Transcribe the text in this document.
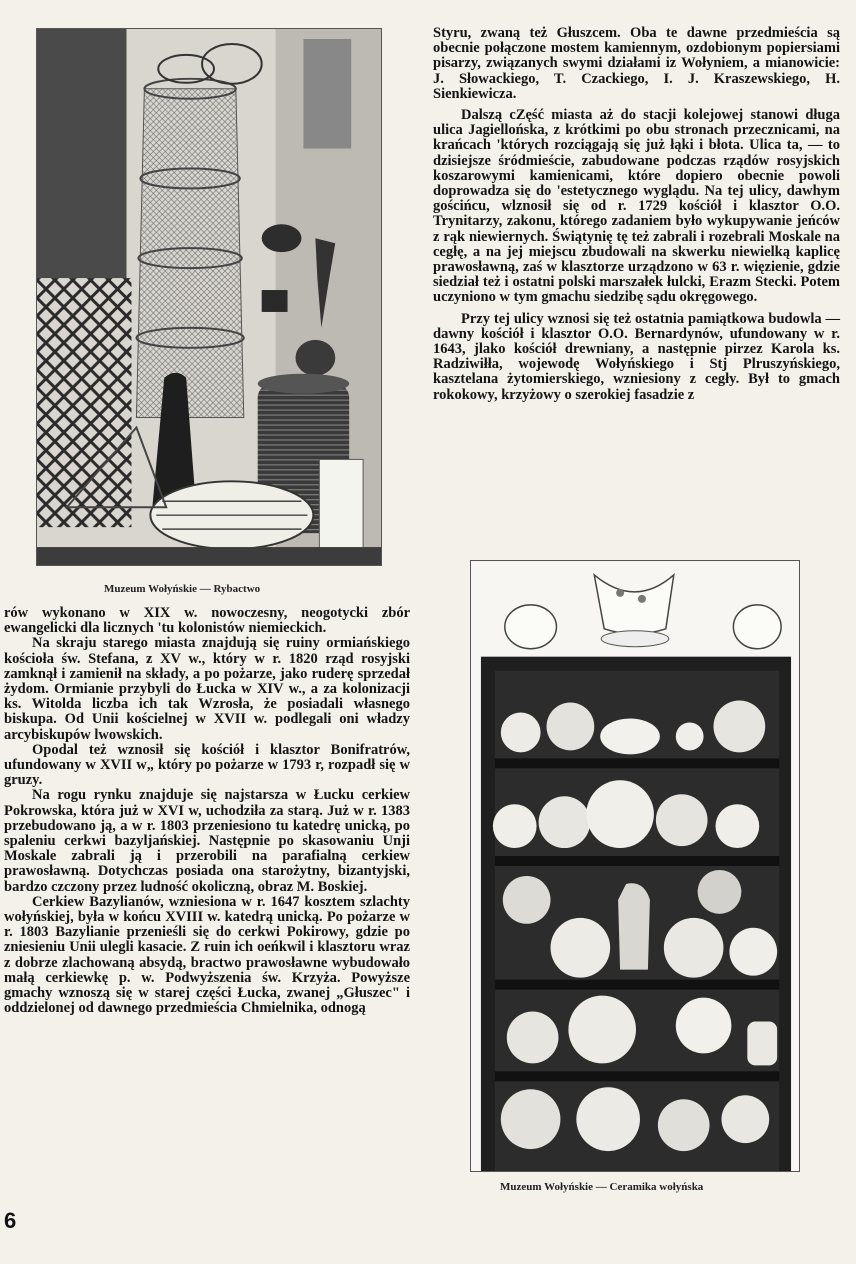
Muzeum Wołyńskie — Rybactwo
Muzeum Wołyńskie — Ceramika wołyńska

Styru, zwaną też Głuszcem. Oba te dawne przedmieścia są obecnie połączone mostem kamiennym, ozdobionym popiersiami pisarzy, związanych swymi działami iz Wołyniem, a mianowicie: J. Słowackiego, T. Czackiego, I. J. Kraszewskiego, H. Sienkiewicza.

Dalszą cZęść miasta aż do stacji kolejowej stanowi długa ulica Jagiellońska, z krótkimi po obu stronach przecznicami, na krańcach 'których rozciągają się już łąki i błota. Ulica ta, — to dzisiejsze śródmieście, zabudowane podczas rządów rosyjskich koszarowymi kamienicami, które dopiero obecnie powoli doprowadza się do 'estetycznego wyglądu. Na tej ulicy, dawhym gościńcu, wlznosił się od r. 1729 kościół i klasztor O.O. Trynitarzy, zakonu, którego zadaniem było wykupywanie jeńców z rąk niewiernych. Świątynię tę też zabrali i rozebrali Moskale na cegłę, a na jej miejscu zbudowali na skwerku niewielką kaplicę prawosławną, zaś w klasztorze urządzono w 63 r. więzienie, gdzie siedział też i ostatni polski marszałek łulcki, Erazm Stecki. Potem uczyniono w tym gmachu siedzibę sądu okręgowego.

Przy tej ulicy wznosi się też ostatnia pamiątkowa budowla — dawny kościół i klasztor O.O. Bernardynów, ufundowany w r. 1643, jlako kościół drewniany, a następnie pirzez Karola ks. Radziwiłła, wojewodę Wołyńskiego i Stj Plruszyńskiego, kasztelana żytomierskiego, wzniesiony z cegły. Był to gmach rokokowy, krzyżowy o szerokiej fasadzie z

rów wykonano w XIX w. nowoczesny, neogotycki zbór ewangelicki dla licznych 'tu kolonistów niemieckich.

Na skraju starego miasta znajdują się ruiny ormiańskiego kościoła św. Stefana, z XV w., który w r. 1820 rząd rosyjski zamknął i zamienił na składy, a po pożarze, jako ruderę sprzedał żydom. Ormianie przybyli do Łucka w XIV w., a za kolonizacji ks. Witolda liczba ich tak Wzrosła, że posiadali własnego biskupa. Od Unii kościelnej w XVII w. podlegali oni władzy arcybiskupów lwowskich.

Opodal też wznosił się kościół i klasztor Bonifratrów, ufundowany w XVII w„ który po pożarze w 1793 r, rozpadł się w gruzy.

Na rogu rynku znajduje się najstarsza w Łucku cerkiew Pokrowska, która już w XVI w, uchodziła za starą. Już w r. 1383 przebudowano ją, a w r. 1803 przeniesiono tu katedrę unicką, po spaleniu cerkwi bazyljańskiej. Następnie po skasowaniu Unji Moskale zabrali ją i przerobili na parafialną cerkiew prawosławną. Dotychczas posiada ona starożytny, bizantyjski, bardzo czczony przez ludność okoliczną, obraz M. Boskiej.

Cerkiew Bazylianów, wzniesiona w r. 1647 kosztem szlachty wołyńskiej, była w końcu XVIII w. katedrą unicką. Po pożarze w r. 1803 Bazylianie przenieśli się do cerkwi Pokirowy, gdzie po zniesieniu Unii ulegli kasacie. Z ruin ich oeńkwil i klasztoru wraz z dobrze zlachowaną absydą, bractwo prawosławne wybudowało małą cerkiewkę p. w. Podwyższenia św. Krzyża. Powyższe gmachy wznoszą się w starej części Łucka, zwanej „Głuszec" i oddzielonej od dawnego przedmieścia Chmielnika, odnogą

6
